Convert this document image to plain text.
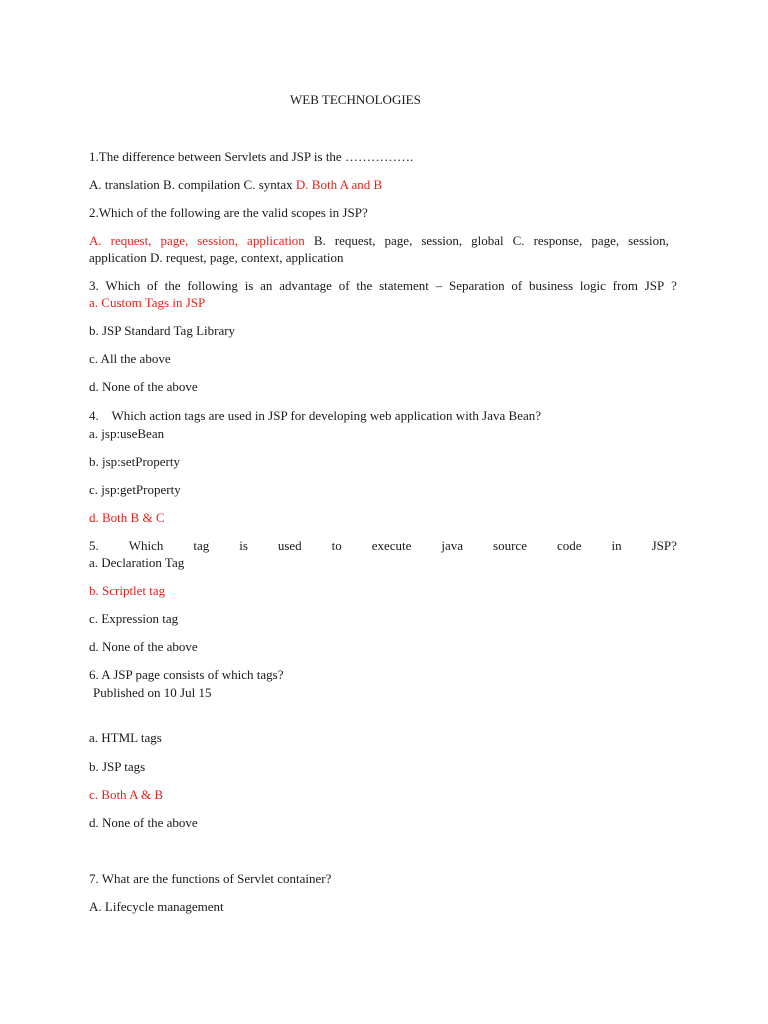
WEB TECHNOLOGIES
1.The difference between Servlets and JSP is the …………….
A. translation B. compilation C. syntax D. Both A and B
2.Which of the following are the valid scopes in JSP?
A. request, page, session, application B. request, page, session, global C. response, page, session,
application D. request, page, context, application
3. Which of the following is an advantage of the statement – Separation of business logic from JSP ?
a. Custom Tags in JSP
b. JSP Standard Tag Library
c. All the above
d. None of the above
4.    Which action tags are used in JSP for developing web application with Java Bean?
a. jsp:useBean
b. jsp:setProperty
c. jsp:getProperty
d. Both B & C
5. Which tag is used to execute java source code in JSP?
a. Declaration Tag
b. Scriptlet tag
c. Expression tag
d. None of the above
6. A JSP page consists of which tags?
Published on 10 Jul 15
a. HTML tags
b. JSP tags
c. Both A & B
d. None of the above
7. What are the functions of Servlet container?
A. Lifecycle management
